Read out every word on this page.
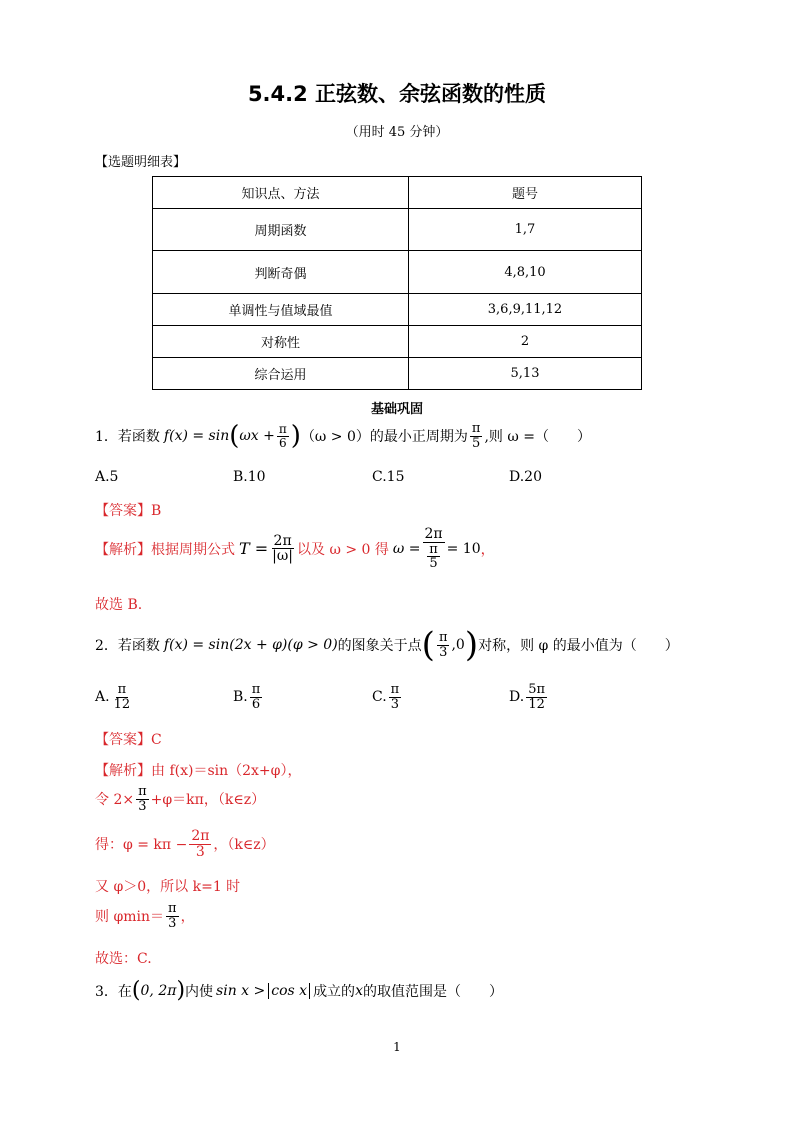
5.4.2 正弦数、余弦函数的性质
（用时 45 分钟）
【选题明细表】
知识点、方法	题号
周期函数	1,7
判断奇偶	4,8,10
单调性与值域最值	3,6,9,11,12
对称性	2
综合运用	5,13
基础巩固
1． 若函数 f(x) = sin ( $\omega x + \frac{\pi}{6}$ ) （ω > 0） 的最小正周期为 $\frac{\pi}{5}$ ,则 ω =（　　）
A.5	B.10	C.15	D.20
【答案】B
【解析】 根据周期公式 $T = \frac{2\pi}{|\omega|}$ 以及 ω > 0 得 $\omega = \frac{2\pi}{\frac{\pi}{5}} = 10$ ，
故选 B.
2． 若函数 f(x) = sin(2x + φ)(φ > 0) 的图象关于点 ( $\frac{\pi}{3} ,0$ ) 对称，则 φ 的最小值为（　　）
A. $\frac{\pi}{12}$	B. $\frac{\pi}{6}$	C. $\frac{\pi}{3}$	D. $\frac{5\pi}{12}$
【答案】C
【解析】由 f(x)＝sin（2x+φ），
令 $2\times \frac{\pi}{3} +\varphi=k\pi$，（k∈z）
得：$\varphi = k\pi - \frac{2\pi}{3}$ ，（k∈z）
又 φ＞0，所以 k=1 时
则 $\varphi\min= \frac{\pi}{3}$ ，
故选：C.
3． 在 ( 0, 2π ) 内使 sin x > cos x 成立的 x 的取值范围是（　　）
1
